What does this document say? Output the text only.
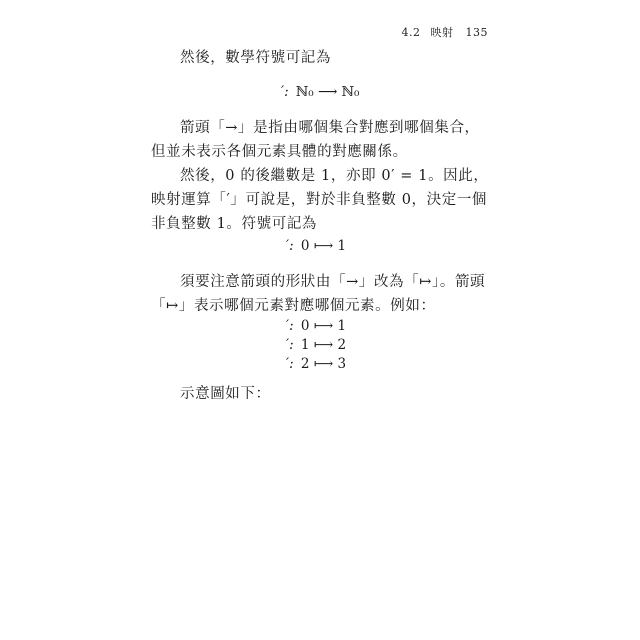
4.2 映射 135
然後，數學符號可記為
′: ℕ₀ ⟶ ℕ₀
箭頭「→」是指由哪個集合對應到哪個集合，但並未表示各個元素具體的對應關係。
然後，0 的後繼數是 1，亦即 0′ = 1。因此，映射運算「′」可說是，對於非負整數 0，決定一個非負整數 1。符號可記為
′: 0 ⟼ 1
須要注意箭頭的形狀由「→」改為「↦」。箭頭「↦」表示哪個元素對應哪個元素。例如：
′: 0 ⟼ 1
′: 1 ⟼ 2
′: 2 ⟼ 3
示意圖如下：
